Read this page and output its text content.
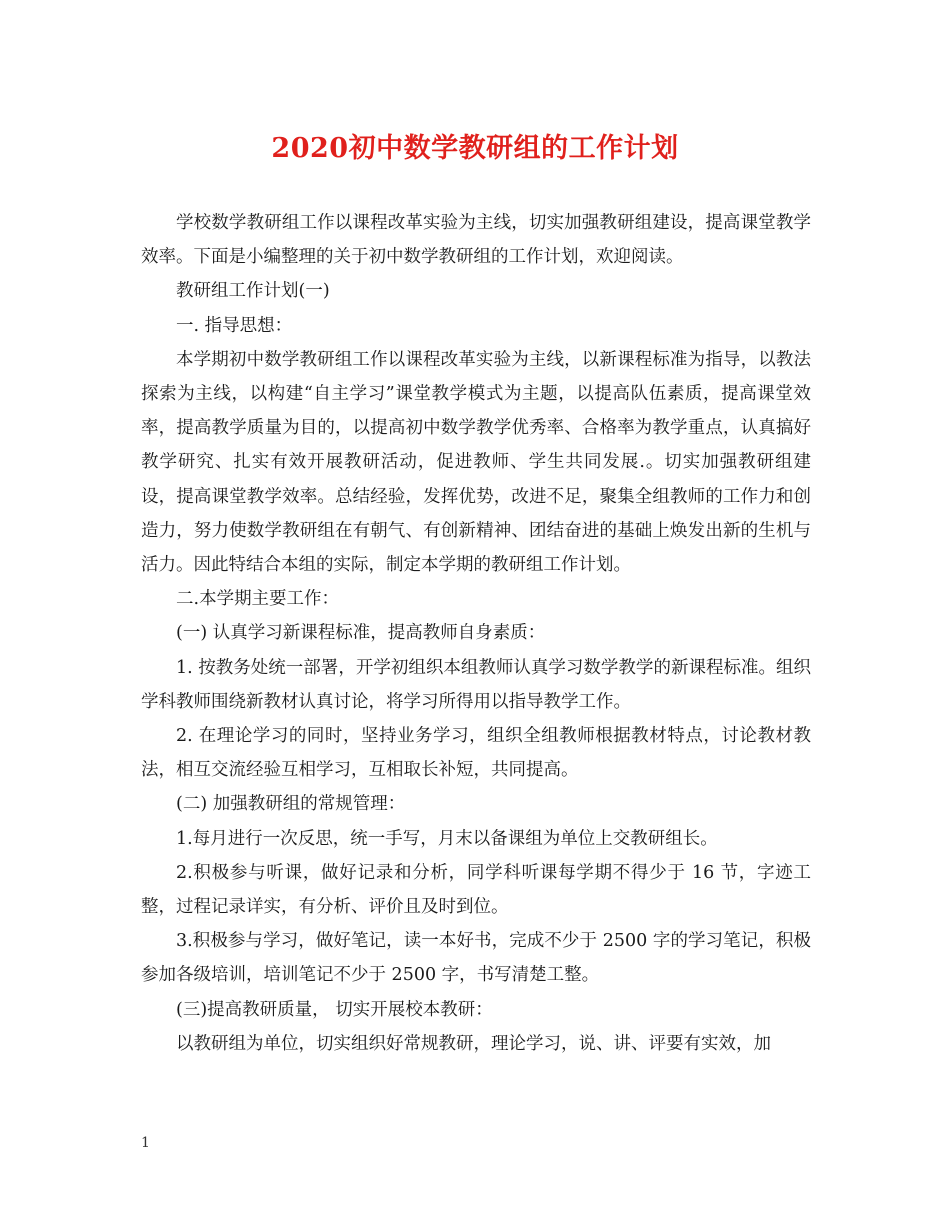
2020初中数学教研组的工作计划

学校数学教研组工作以课程改革实验为主线，切实加强教研组建设，提高课堂教学效率。下面是小编整理的关于初中数学教研组的工作计划，欢迎阅读。

教研组工作计划(一)

一. 指导思想：

本学期初中数学教研组工作以课程改革实验为主线，以新课程标准为指导，以教法探索为主线，以构建“自主学习”课堂教学模式为主题，以提高队伍素质，提高课堂效率，提高教学质量为目的，以提高初中数学教学优秀率、合格率为教学重点，认真搞好教学研究、扎实有效开展教研活动，促进教师、学生共同发展.。切实加强教研组建设，提高课堂教学效率。总结经验，发挥优势，改进不足，聚集全组教师的工作力和创造力，努力使数学教研组在有朝气、有创新精神、团结奋进的基础上焕发出新的生机与活力。因此特结合本组的实际，制定本学期的教研组工作计划。

二.本学期主要工作：

(一) 认真学习新课程标准，提高教师自身素质：

1. 按教务处统一部署，开学初组织本组教师认真学习数学教学的新课程标准。组织学科教师围绕新教材认真讨论，将学习所得用以指导教学工作。

2. 在理论学习的同时，坚持业务学习，组织全组教师根据教材特点，讨论教材教法，相互交流经验互相学习，互相取长补短，共同提高。

(二) 加强教研组的常规管理：

1.每月进行一次反思，统一手写，月末以备课组为单位上交教研组长。

2.积极参与听课，做好记录和分析，同学科听课每学期不得少于 16 节，字迹工整，过程记录详实，有分析、评价且及时到位。

3.积极参与学习，做好笔记，读一本好书，完成不少于 2500 字的学习笔记，积极参加各级培训，培训笔记不少于 2500 字，书写清楚工整。

(三)提高教研质量， 切实开展校本教研：

以教研组为单位，切实组织好常规教研，理论学习，说、讲、评要有实效，加

1
